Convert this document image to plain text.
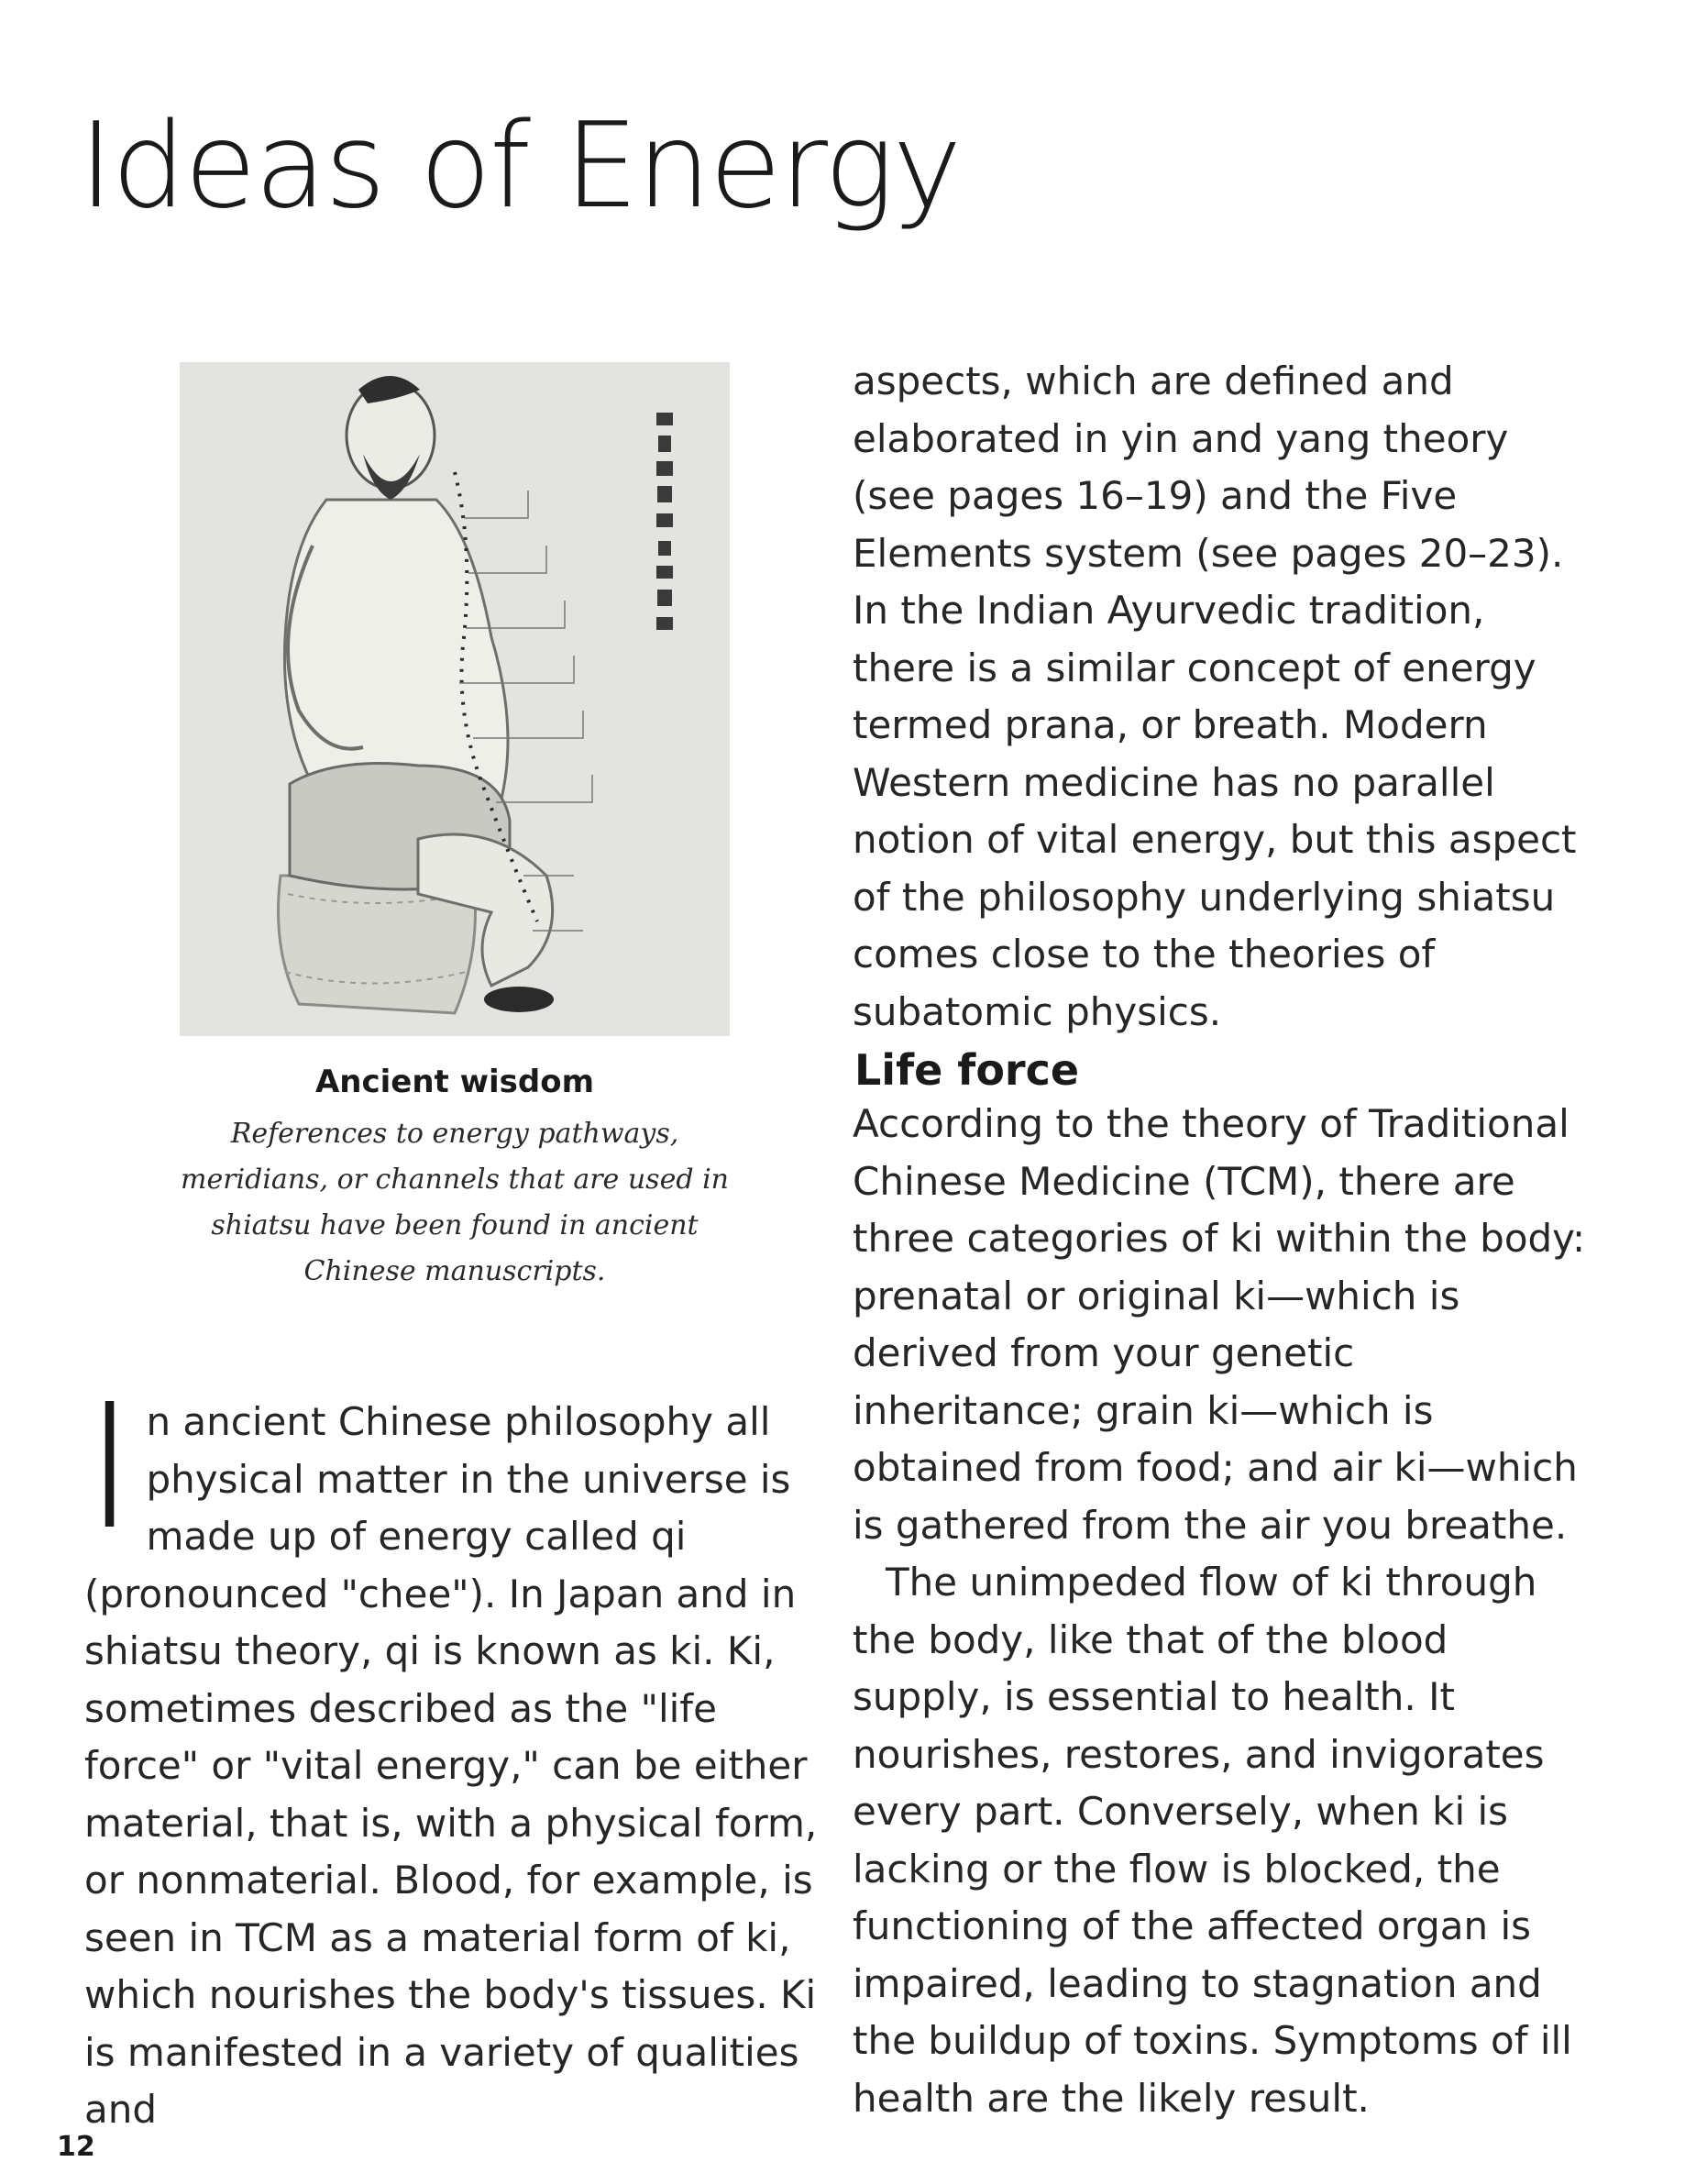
Ideas of Energy

Ancient wisdom

References to energy pathways, meridians, or channels that are used in shiatsu have been found in ancient Chinese manuscripts.

aspects, which are defined and elaborated in yin and yang theory (see pages 16–19) and the Five Elements system (see pages 20–23). In the Indian Ayurvedic tradition, there is a similar concept of energy termed prana, or breath. Modern Western medicine has no parallel notion of vital energy, but this aspect of the philosophy underlying shiatsu comes close to the theories of subatomic physics.

Life force

According to the theory of Traditional Chinese Medicine (TCM), there are three categories of ki within the body: prenatal or original ki—which is derived from your genetic inheritance; grain ki—which is obtained from food; and air ki—which is gathered from the air you breathe.

The unimpeded flow of ki through the body, like that of the blood supply, is essential to health. It nourishes, restores, and invigorates every part. Conversely, when ki is lacking or the flow is blocked, the functioning of the affected organ is impaired, leading to stagnation and the buildup of toxins. Symptoms of ill health are the likely result.

In ancient Chinese philosophy all physical matter in the universe is made up of energy called qi (pronounced "chee"). In Japan and in shiatsu theory, qi is known as ki. Ki, sometimes described as the "life force" or "vital energy," can be either material, that is, with a physical form, or nonmaterial. Blood, for example, is seen in TCM as a material form of ki, which nourishes the body's tissues. Ki is manifested in a variety of qualities and

12
